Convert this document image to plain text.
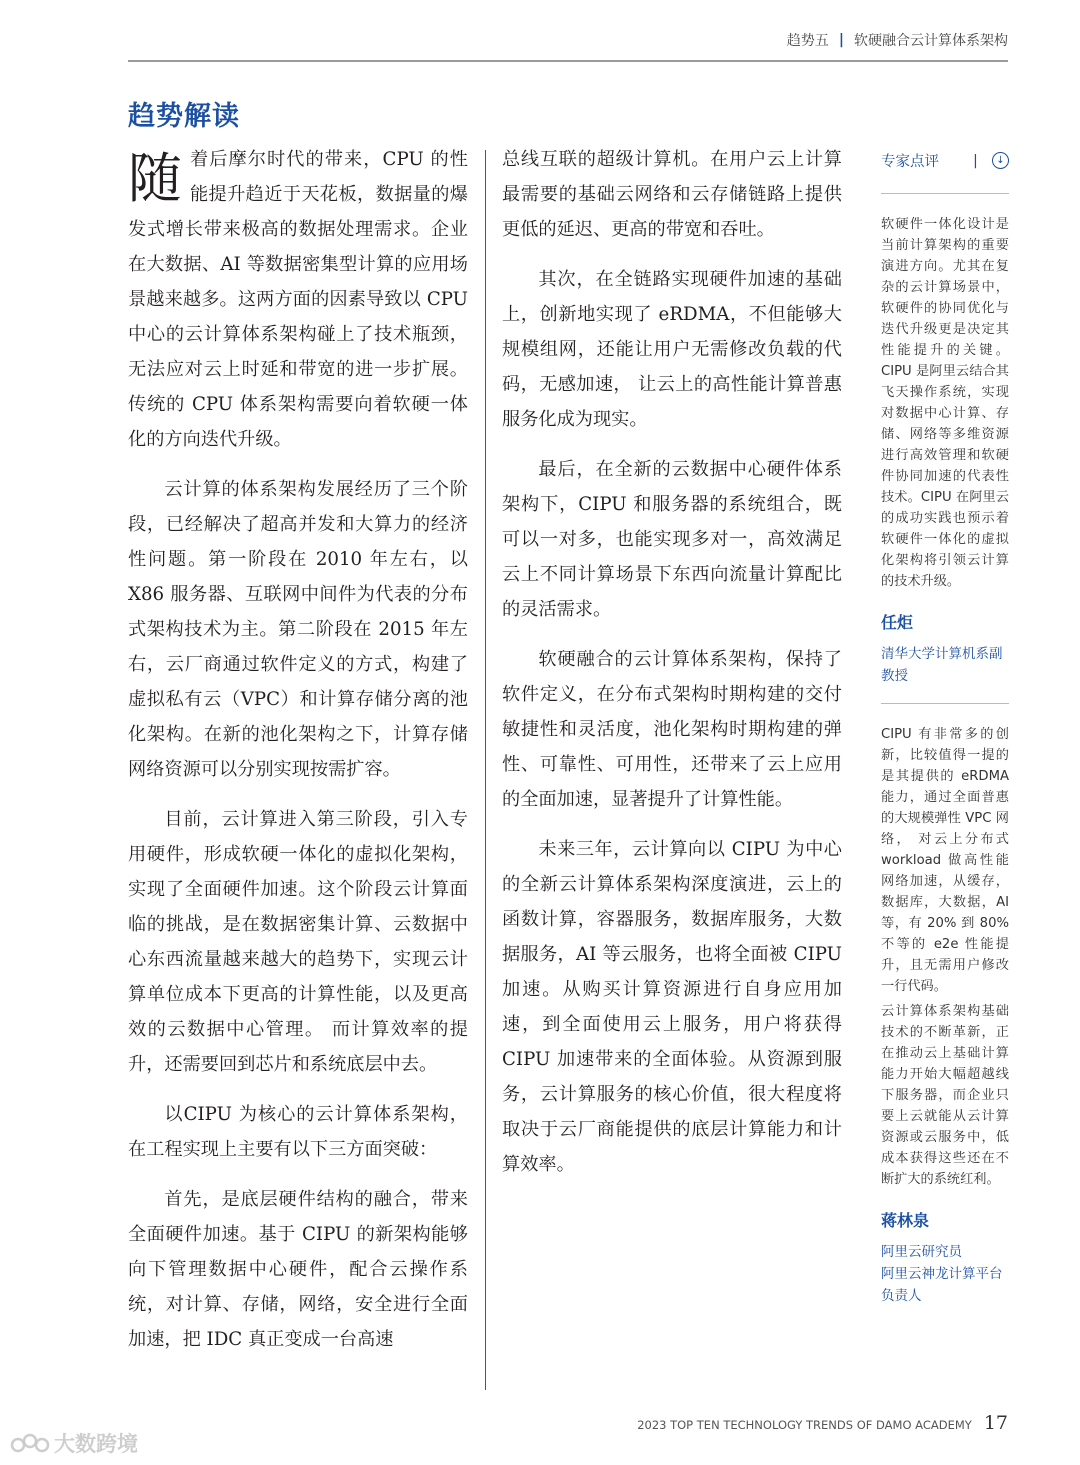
趋势五 | 软硬融合云计算体系架构
趋势解读

随着后摩尔时代的带来，CPU 的性能提升趋近于天花板，数据量的爆发式增长带来极高的数据处理需求。企业在大数据、AI 等数据密集型计算的应用场景越来越多。这两方面的因素导致以 CPU 中心的云计算体系架构碰上了技术瓶颈，无法应对云上时延和带宽的进一步扩展。传统的 CPU 体系架构需要向着软硬一体化的方向迭代升级。

云计算的体系架构发展经历了三个阶段，已经解决了超高并发和大算力的经济性问题。第一阶段在 2010 年左右，以 X86 服务器、互联网中间件为代表的分布式架构技术为主。第二阶段在 2015 年左右，云厂商通过软件定义的方式，构建了虚拟私有云（VPC）和计算存储分离的池化架构。在新的池化架构之下，计算存储网络资源可以分别实现按需扩容。

目前，云计算进入第三阶段，引入专用硬件，形成软硬一体化的虚拟化架构，实现了全面硬件加速。这个阶段云计算面临的挑战，是在数据密集计算、云数据中心东西流量越来越大的趋势下，实现云计算单位成本下更高的计算性能，以及更高效的云数据中心管理。 而计算效率的提升，还需要回到芯片和系统底层中去。

以CIPU 为核心的云计算体系架构，在工程实现上主要有以下三方面突破：

首先，是底层硬件结构的融合，带来全面硬件加速。基于 CIPU 的新架构能够向下管理数据中心硬件，配合云操作系统，对计算、存储，网络，安全进行全面加速，把 IDC 真正变成一台高速

总线互联的超级计算机。在用户云上计算最需要的基础云网络和云存储链路上提供更低的延迟、更高的带宽和吞吐。

其次，在全链路实现硬件加速的基础上，创新地实现了 eRDMA，不但能够大规模组网，还能让用户无需修改负载的代码，无感加速， 让云上的高性能计算普惠服务化成为现实。

最后，在全新的云数据中心硬件体系架构下，CIPU 和服务器的系统组合，既可以一对多，也能实现多对一，高效满足云上不同计算场景下东西向流量计算配比的灵活需求。

软硬融合的云计算体系架构，保持了软件定义，在分布式架构时期构建的交付敏捷性和灵活度，池化架构时期构建的弹性、可靠性、可用性，还带来了云上应用的全面加速，显著提升了计算性能。

未来三年，云计算向以 CIPU 为中心的全新云计算体系架构深度演进，云上的函数计算，容器服务，数据库服务，大数据服务，AI 等云服务，也将全面被 CIPU 加速。从购买计算资源进行自身应用加速，到全面使用云上服务，用户将获得 CIPU 加速带来的全面体验。从资源到服务，云计算服务的核心价值，很大程度将取决于云厂商能提供的底层计算能力和计算效率。

专家点评 |	↓

软硬件一体化设计是当前计算架构的重要演进方向。尤其在复杂的云计算场景中，软硬件的协同优化与迭代升级更是决定其性能提升的关键。CIPU 是阿里云结合其飞天操作系统，实现对数据中心计算、存储、网络等多维资源进行高效管理和软硬件协同加速的代表性技术。CIPU 在阿里云的成功实践也预示着软硬件一体化的虚拟化架构将引领云计算的技术升级。

任炬
清华大学计算机系副教授

CIPU 有非常多的创新，比较值得一提的是其提供的 eRDMA 能力，通过全面普惠的大规模弹性 VPC 网络， 对云上分布式 workload 做高性能网络加速，从缓存，数据库，大数据，AI 等，有 20% 到 80% 不等的 e2e 性能提升，且无需用户修改一行代码。

云计算体系架构基础技术的不断革新，正在推动云上基础计算能力开始大幅超越线下服务器，而企业只要上云就能从云计算资源或云服务中，低成本获得这些还在不断扩大的系统红利。

蒋林泉
阿里云研究员
阿里云神龙计算平台负责人
2023 TOP TEN TECHNOLOGY TRENDS OF DAMO ACADEMY 17
大数跨境
